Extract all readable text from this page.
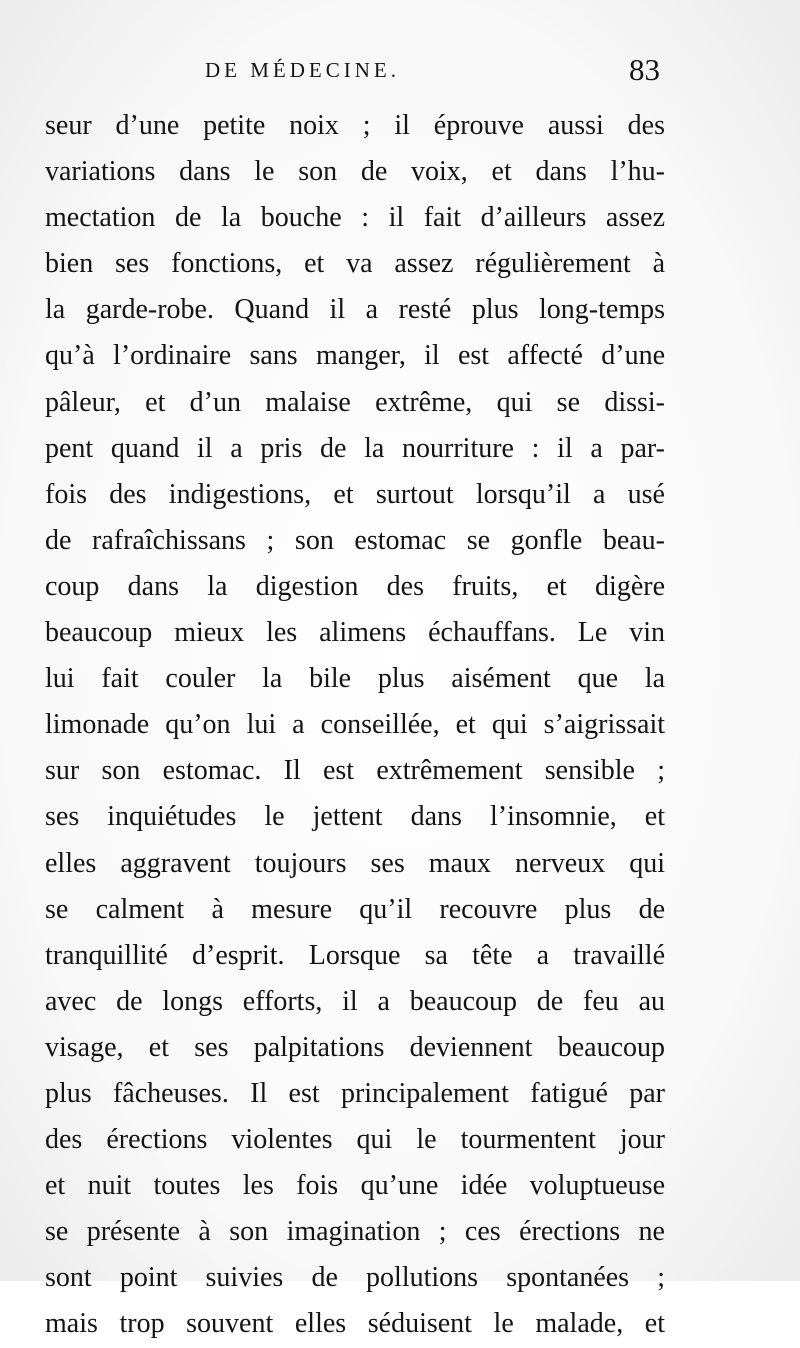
DE MÉDECINE.	83
seur d’une petite noix ; il éprouve aussi des
variations dans le son de voix, et dans l’hu-
mectation de la bouche : il fait d’ailleurs assez
bien ses fonctions, et va assez régulièrement à
la garde-robe. Quand il a resté plus long-temps
qu’à l’ordinaire sans manger, il est affecté d’une
pâleur, et d’un malaise extrême, qui se dissi-
pent quand il a pris de la nourriture : il a par-
fois des indigestions, et surtout lorsqu’il a usé
de rafraîchissans ; son estomac se gonfle beau-
coup dans la digestion des fruits, et digère
beaucoup mieux les alimens échauffans. Le vin
lui fait couler la bile plus aisément que la
limonade qu’on lui a conseillée, et qui s’aigrissait
sur son estomac. Il est extrêmement sensible ;
ses inquiétudes le jettent dans l’insomnie, et
elles aggravent toujours ses maux nerveux qui
se calment à mesure qu’il recouvre plus de
tranquillité d’esprit. Lorsque sa tête a travaillé
avec de longs efforts, il a beaucoup de feu au
visage, et ses palpitations deviennent beaucoup
plus fâcheuses. Il est principalement fatigué par
des érections violentes qui le tourmentent jour
et nuit toutes les fois qu’une idée voluptueuse
se présente à son imagination ; ces érections ne
sont point suivies de pollutions spontanées ;
mais trop souvent elles séduisent le malade, et
